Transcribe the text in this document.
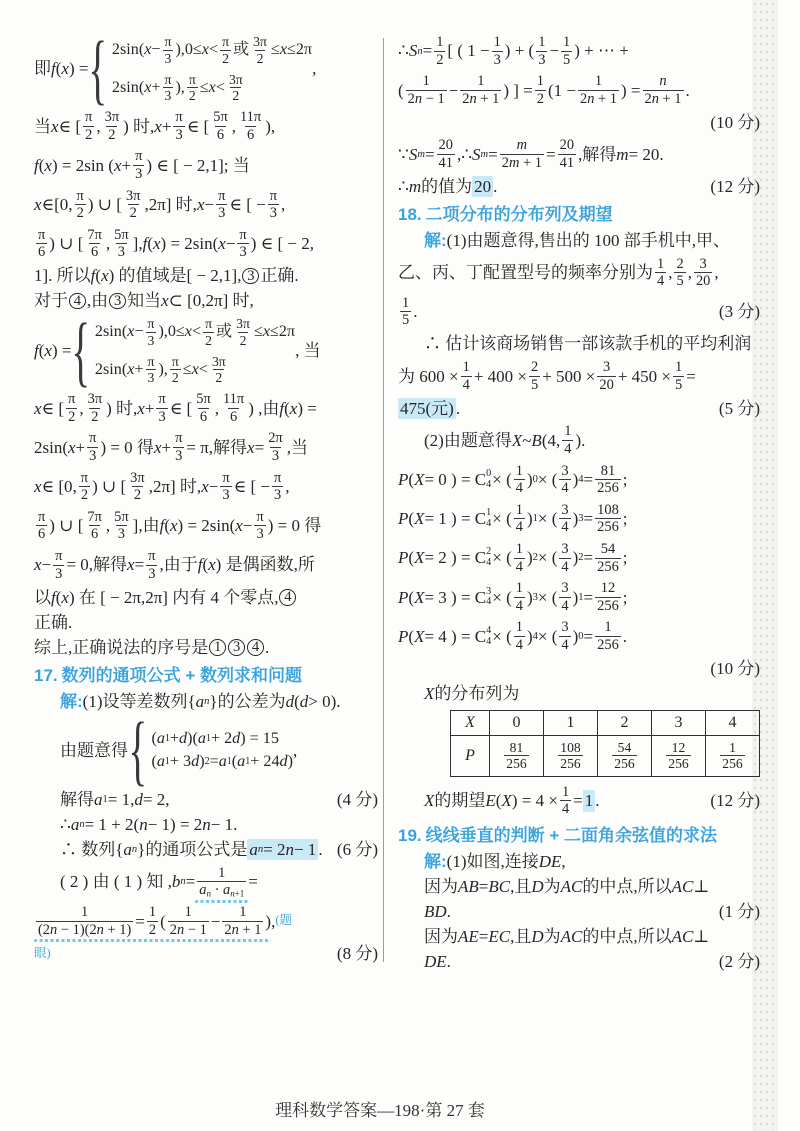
即 f ( x ) = { 2sin( x − π
3
),0≤ x < π
2
或 3π
2
≤ x ≤2π
2sin( x + π
3
), π
2
≤ x < 3π
2
,
当 x ∈ [ π
2 , 3π
2 ) 时, x + π
3 ∈ [ 5π
6 , 11π
6 ),
f ( x ) = 2sin ( x + π
3 ) ∈ [ − 2,1]; 当
x ∈[0, π
2 ) ∪ [ 3π
2 ,2π] 时, x − π
3 ∈ [ − π
3 ,
π
6 ) ∪ [ 7π
6 , 5π
3 ], f ( x ) = 2sin( x − π
3 ) ∈ [ − 2,
1]. 所以 f ( x ) 的值域是[ − 2,1], 3 正确.
对于 4 ,由 3 知当 x ⊂ [0,2π] 时,
f ( x ) = { 2sin( x − π
3
),0≤ x < π
2
或 3π
2
≤ x ≤2π
2sin( x + π
3
), π
2
≤ x < 3π
2
, 当
x ∈ [ π
2 , 3π
2 ) 时, x + π
3 ∈ [ 5π
6 , 11π
6 ) ,由 f ( x ) =
2sin( x + π
3 ) = 0 得 x + π
3 = π,解得 x = 2π
3 ,当
x ∈ [0, π
2 ) ∪ [ 3π
2 ,2π] 时, x − π
3 ∈ [ − π
3 ,
π
6 ) ∪ [ 7π
6 , 5π
3 ],由 f ( x ) = 2sin( x − π
3 ) = 0 得
x − π
3 = 0,解得 x = π
3 ,由于 f ( x ) 是偶函数,所
以 f ( x ) 在 [ − 2π,2π] 内有 4 个零点, 4
正确.
综上,正确说法的序号是 1 3 4 .
17. 数列的通项公式 + 数列求和问题
解: (1)设等差数列{ a n }的公差为 d ( d > 0).
由题意得 { ( a 1 + d )( a 1 + 2 d ) = 15
( a 1 + 3 d ) 2 = a 1 ( a 1 + 24 d )
,
解得 a 1 = 1, d = 2,	(4 分)
∴ a n = 1 + 2( n − 1) = 2 n − 1.
∴ 数列{ a n }的通项公式是 a n = 2 n − 1 . (6 分)
( 2 ) 由 ( 1 ) 知 , b n = 1
$a_n \cdot a_{n+1}$
=
1
(2n − 1)(2n + 1) = 1
2 ( 1
2n − 1 − 1
2n + 1 ) , (题
眼)	(8 分)
∴ S n = 1
2 [ ( 1 − 1
3 ) + ( 1
3 − 1
5 ) + ⋯ +
( 1
2n − 1 − 1
2n + 1 ) ] = 1
2 (1 − 1
2n + 1 ) = n
2n + 1 .
(10 分)
∵ S m = 20
41 ,∴ S m = m
2m + 1 = 20
41 ,解得 m = 20.
∴ m 的值为 20 .	(12 分)
18. 二项分布的分布列及期望
解: (1)由题意得,售出的 100 部手机中,甲、
乙、丙、丁配置型号的频率分别为 1
4 , 2
5 , 3
20 ,
1
5 .	(3 分)
∴ 估计该商场销售一部该款手机的平均利润
为 600 × 1
4 + 400 × 2
5 + 500 × 3
20 + 450 × 1
5 =
475(元) .	(5 分)
(2)由题意得 X ~ B (4, 1
4 ).
P ( X = 0 ) = C 0
4 × ( 1
4 ) 0 × ( 3
4 ) 4 = 81
256 ;
P ( X = 1 ) = C 1
4 × ( 1
4 ) 1 × ( 3
4 ) 3 = 108
256 ;
P ( X = 2 ) = C 2
4 × ( 1
4 ) 2 × ( 3
4 ) 2 = 54
256 ;
P ( X = 3 ) = C 3
4 × ( 1
4 ) 3 × ( 3
4 ) 1 = 12
256 ;
P ( X = 4 ) = C 4
4 × ( 1
4 ) 4 × ( 3
4 ) 0 = 1
256 .
(10 分)
X 的分布列为
X	0	1	2	3	4
P	$\frac{81}{256}$	$\frac{108}{256}$	$\frac{54}{256}$	$\frac{12}{256}$	$\frac{1}{256}$
X 的期望 E ( X ) = 4 × 1
4 = 1 .	(12 分)
19. 线线垂直的判断 + 二面角余弦值的求法
解: (1)如图,连接 DE ,
因为 AB = BC ,且 D 为 AC 的中点,所以 AC ⊥
BD .	(1 分)
因为 AE = EC ,且 D 为 AC 的中点,所以 AC ⊥
DE .	(2 分)
理科数学答案—198·第 27 套
